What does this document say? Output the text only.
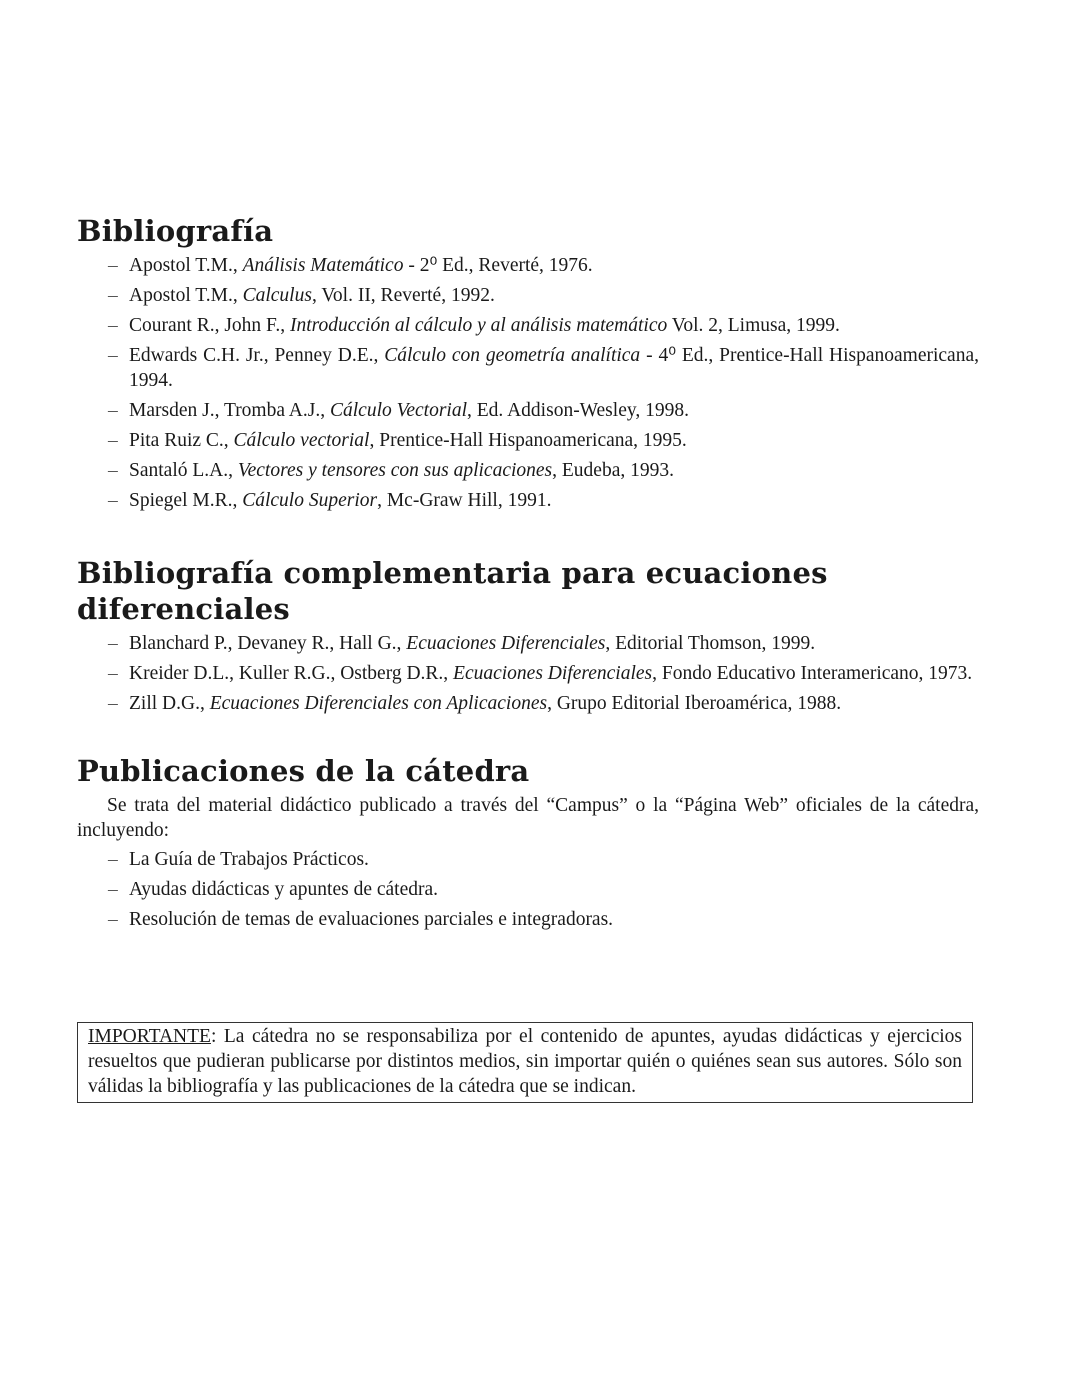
Bibliografía
– Apostol T.M., Análisis Matemático - 2⁰ Ed., Reverté, 1976.
– Apostol T.M., Calculus, Vol. II, Reverté, 1992.
– Courant R., John F., Introducción al cálculo y al análisis matemático Vol. 2, Limusa, 1999.
– Edwards C.H. Jr., Penney D.E., Cálculo con geometría analítica - 4⁰ Ed., Prentice-Hall Hispanoamericana, 1994.
– Marsden J., Tromba A.J., Cálculo Vectorial, Ed. Addison-Wesley, 1998.
– Pita Ruiz C., Cálculo vectorial, Prentice-Hall Hispanoamericana, 1995.
– Santaló L.A., Vectores y tensores con sus aplicaciones, Eudeba, 1993.
– Spiegel M.R., Cálculo Superior, Mc-Graw Hill, 1991.
Bibliografía complementaria para ecuaciones diferenciales
– Blanchard P., Devaney R., Hall G., Ecuaciones Diferenciales, Editorial Thomson, 1999.
– Kreider D.L., Kuller R.G., Ostberg D.R., Ecuaciones Diferenciales, Fondo Educativo Interamericano, 1973.
– Zill D.G., Ecuaciones Diferenciales con Aplicaciones, Grupo Editorial Iberoamérica, 1988.
Publicaciones de la cátedra

Se trata del material didáctico publicado a través del “Campus” o la “Página Web” oficiales de la cátedra, incluyendo:

– La Guía de Trabajos Prácticos.
– Ayudas didácticas y apuntes de cátedra.
– Resolución de temas de evaluaciones parciales e integradoras.
IMPORTANTE: La cátedra no se responsabiliza por el contenido de apuntes, ayudas didácticas y ejercicios resueltos que pudieran publicarse por distintos medios, sin importar quién o quiénes sean sus autores. Sólo son válidas la bibliografía y las publicaciones de la cátedra que se indican.
